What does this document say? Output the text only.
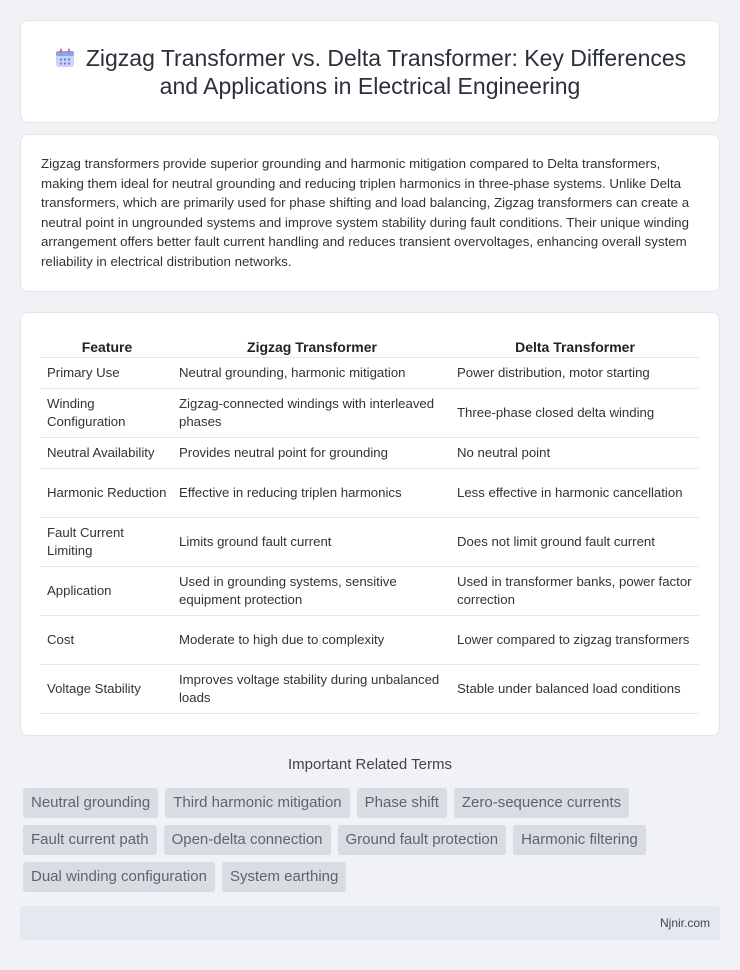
Zigzag Transformer vs. Delta Transformer: Key Differences and Applications in Electrical Engineering

Zigzag transformers provide superior grounding and harmonic mitigation compared to Delta transformers, making them ideal for neutral grounding and reducing triplen harmonics in three-phase systems. Unlike Delta transformers, which are primarily used for phase shifting and load balancing, Zigzag transformers can create a neutral point in ungrounded systems and improve system stability during fault conditions. Their unique winding arrangement offers better fault current handling and reduces transient overvoltages, enhancing overall system reliability in electrical distribution networks.

Feature	Zigzag Transformer	Delta Transformer
Primary Use	Neutral grounding, harmonic mitigation	Power distribution, motor starting
Winding Configuration	Zigzag-connected windings with interleaved phases	Three-phase closed delta winding
Neutral Availability	Provides neutral point for grounding	No neutral point
Harmonic Reduction	Effective in reducing triplen harmonics	Less effective in harmonic cancellation
Fault Current Limiting	Limits ground fault current	Does not limit ground fault current
Application	Used in grounding systems, sensitive equipment protection	Used in transformer banks, power factor correction
Cost	Moderate to high due to complexity	Lower compared to zigzag transformers
Voltage Stability	Improves voltage stability during unbalanced loads	Stable under balanced load conditions
Important Related Terms
Neutral grounding	Third harmonic mitigation	Phase shift	Zero-sequence currents
Fault current path	Open-delta connection	Ground fault protection	Harmonic filtering
Dual winding configuration	System earthing
Njnir.com
